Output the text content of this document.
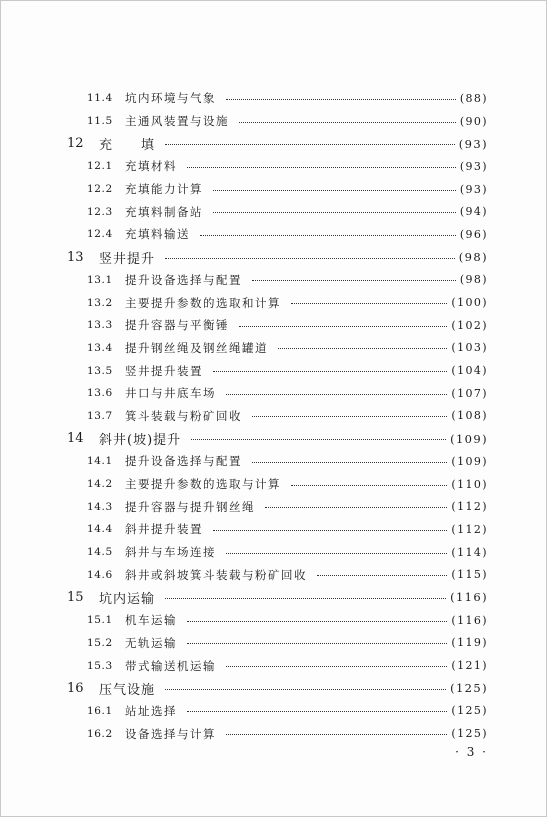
11.4	坑内环境与气象	(88)
11.5	主通风装置与设施	(90)
12	充　　填	(93)
12.1	充填材料	(93)
12.2	充填能力计算	(93)
12.3	充填料制备站	(94)
12.4	充填料输送	(96)
13	竖井提升	(98)
13.1	提升设备选择与配置	(98)
13.2	主要提升参数的选取和计算	(100)
13.3	提升容器与平衡锤	(102)
13.4	提升钢丝绳及钢丝绳罐道	(103)
13.5	竖井提升装置	(104)
13.6	井口与井底车场	(107)
13.7	箕斗装载与粉矿回收	(108)
14	斜井(坡)提升	(109)
14.1	提升设备选择与配置	(109)
14.2	主要提升参数的选取与计算	(110)
14.3	提升容器与提升钢丝绳	(112)
14.4	斜井提升装置	(112)
14.5	斜井与车场连接	(114)
14.6	斜井或斜坡箕斗装载与粉矿回收	(115)
15	坑内运输	(116)
15.1	机车运输	(116)
15.2	无轨运输	(119)
15.3	带式输送机运输	(121)
16	压气设施	(125)
16.1	站址选择	(125)
16.2	设备选择与计算	(125)
· 3 ·
